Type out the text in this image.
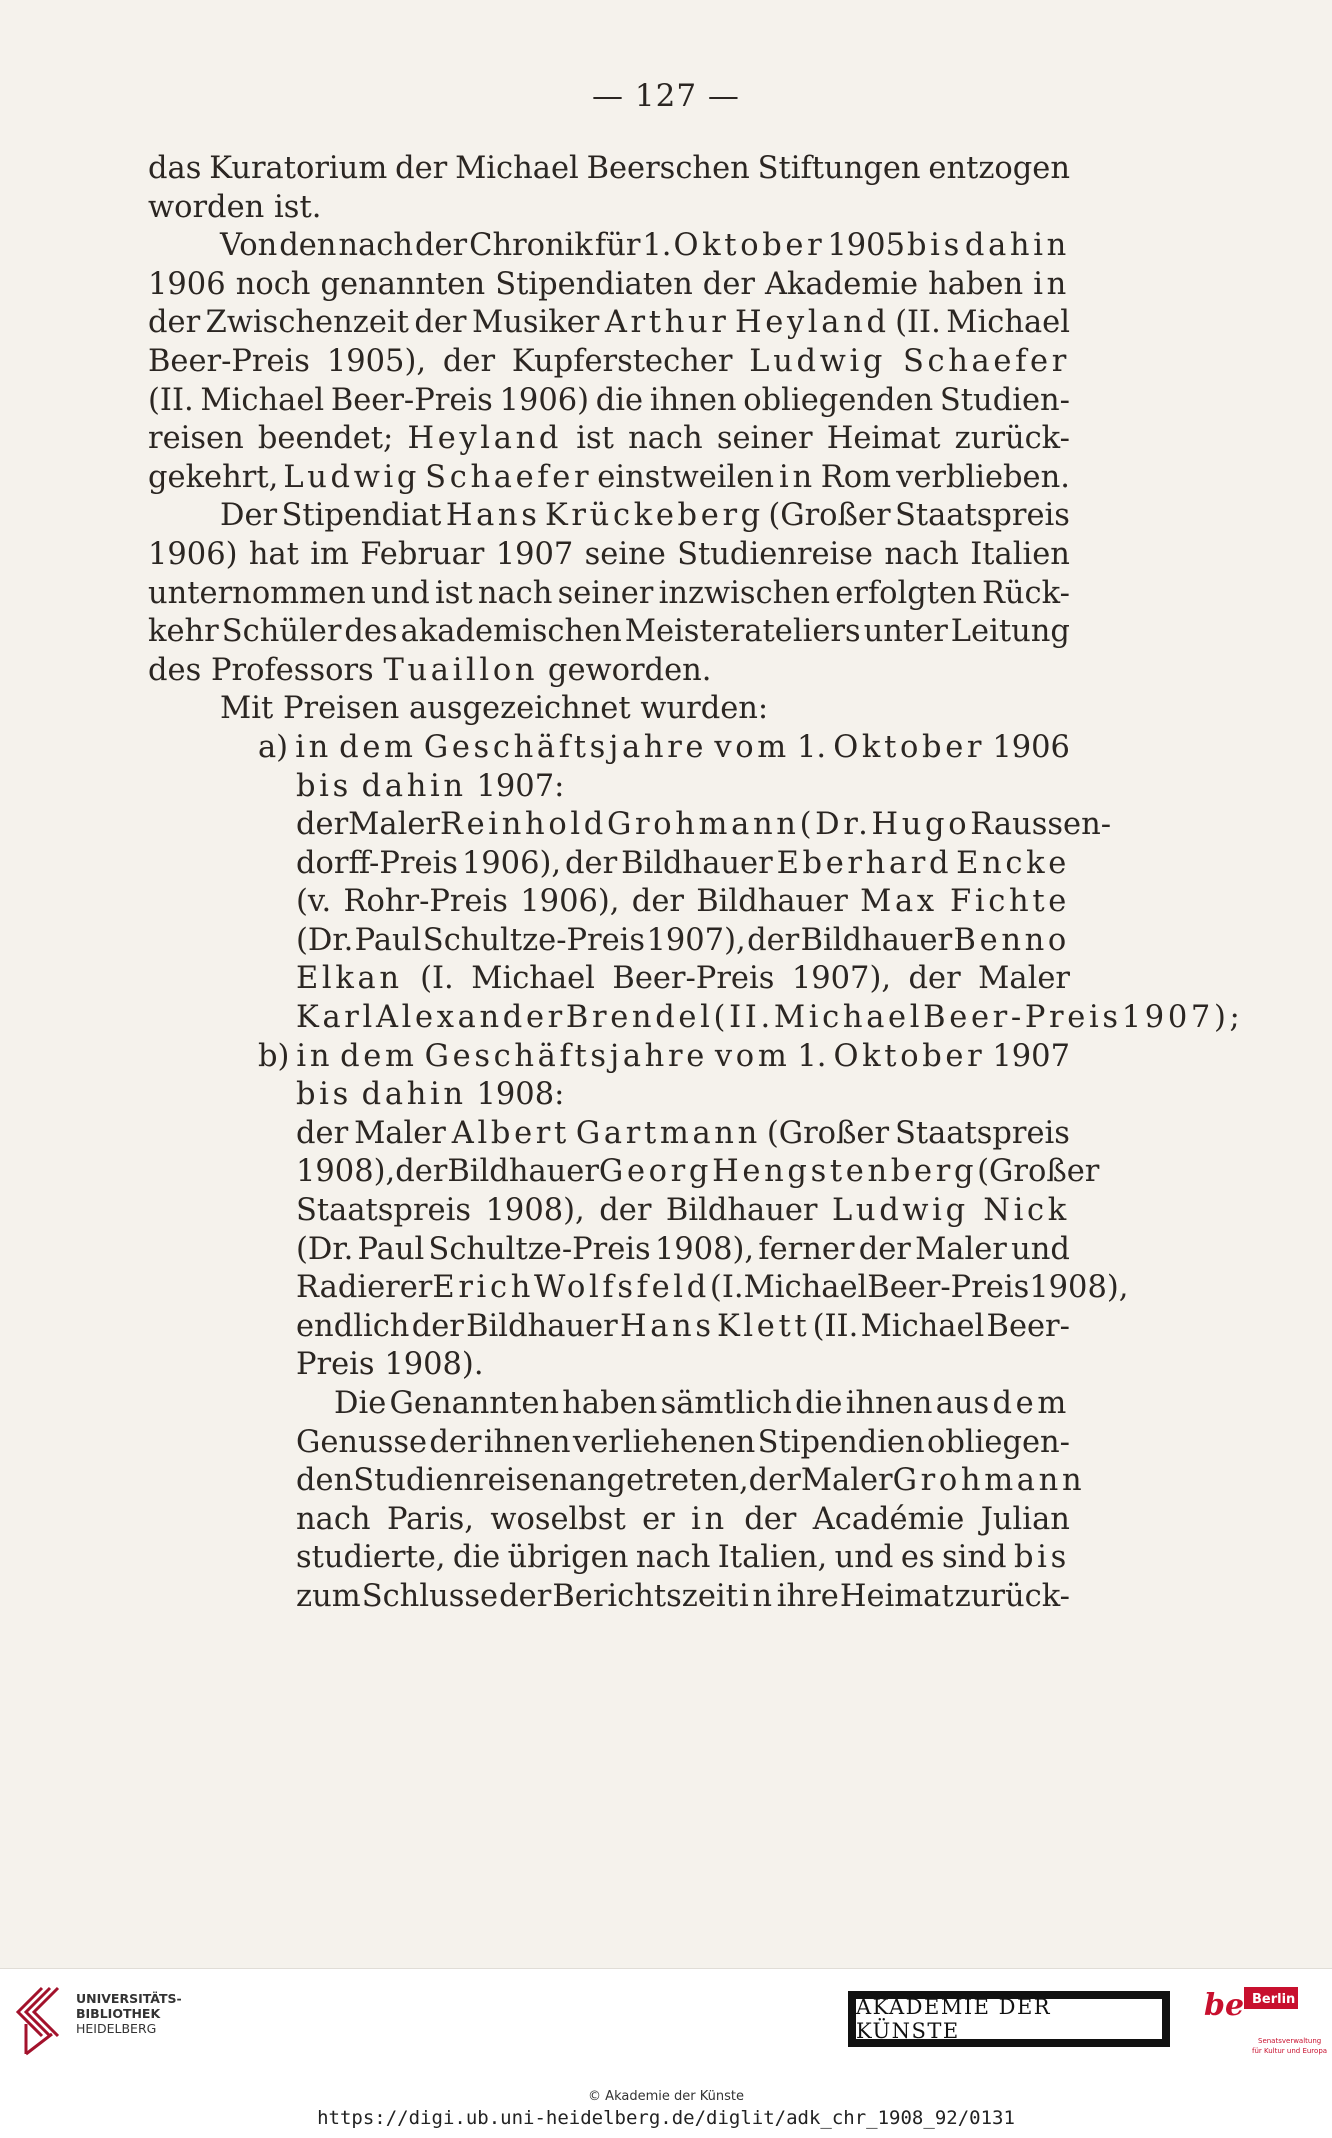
— 127 —
das Kuratorium der Michael Beerschen Stiftungen entzogen
worden ist.
Von den nach der Chronik für 1. Oktober 1905 bis dahin
1906 noch genannten Stipendiaten der Akademie haben in
der Zwischenzeit der Musiker Arthur Heyland (II. Michael
Beer-Preis 1905), der Kupferstecher Ludwig Schaefer
(II. Michael Beer-Preis 1906) die ihnen obliegenden Studien-
reisen beendet; Heyland ist nach seiner Heimat zurück-
gekehrt, Ludwig Schaefer einstweilen in Rom verblieben.
Der Stipendiat Hans Krückeberg (Großer Staatspreis
1906) hat im Februar 1907 seine Studienreise nach Italien
unternommen und ist nach seiner inzwischen erfolgten Rück-
kehr Schüler des akademischen Meisterateliers unter Leitung
des Professors Tuaillon geworden.
Mit Preisen ausgezeichnet wurden:
a) in dem Geschäftsjahre vom 1. Oktober 1906
bis dahin 1907:
der Maler Reinhold Grohmann(Dr.Hugo Raussen-
dorff-Preis 1906), der Bildhauer Eberhard Encke
(v. Rohr-Preis 1906), der Bildhauer Max Fichte
(Dr. Paul Schultze-Preis 1907), der Bildhauer Benno
Elkan (I. Michael Beer-Preis 1907), der Maler
KarlAlexanderBrendel(II.MichaelBeer-Preis1907);
b) in dem Geschäftsjahre vom 1. Oktober 1907
bis dahin 1908:
der Maler Albert Gartmann (Großer Staatspreis
1908), der Bildhauer Georg Hengstenberg (Großer
Staatspreis 1908), der Bildhauer Ludwig Nick
(Dr. Paul Schultze-Preis 1908), ferner der Maler und
Radierer ErichWolfsfeld (I. Michael Beer-Preis 1908),
endlich der Bildhauer Hans Klett (II. Michael Beer-
Preis 1908).
Die Genannten haben sämtlich die ihnen aus dem
Genusse der ihnen verliehenen Stipendien obliegen-
den Studienreisen angetreten, der Maler Grohmann
nach Paris, woselbst er in der Académie Julian
studierte, die übrigen nach Italien, und es sind bis
zum Schlusse der Berichtszeit in ihre Heimat zurück-
UNIVERSITÄTS-
BIBLIOTHEK
HEIDELBERG
AKADEMIE DER KÜNSTE
be Berlin
Senatsverwaltung
für Kultur und Europa
© Akademie der Künste
https://digi.ub.uni-heidelberg.de/diglit/adk_chr_1908_92/0131
